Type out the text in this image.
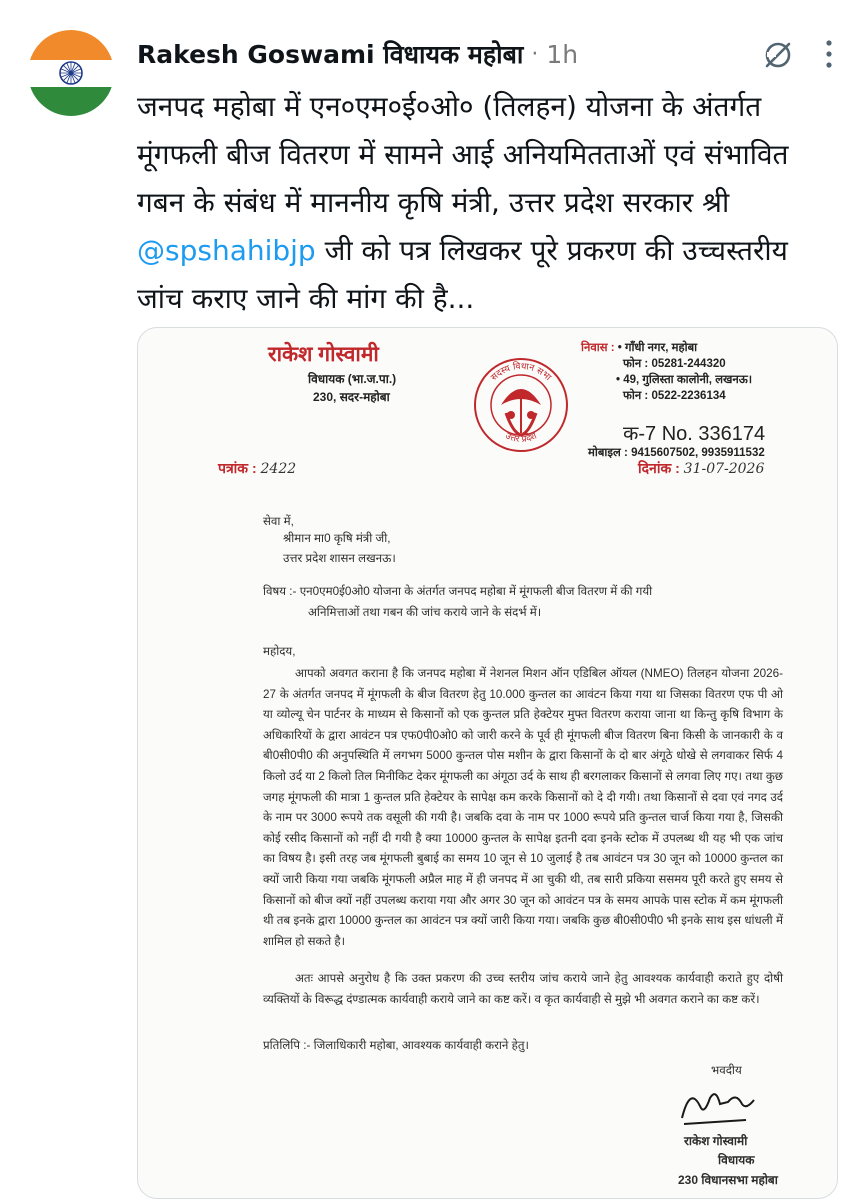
Rakesh Goswami विधायक महोबा · 1h
जनपद महोबा में एन०एम०ई०ओ० (तिलहन) योजना के अंतर्गत मूंगफली बीज वितरण में सामने आई अनियमितताओं एवं संभावित गबन के संबंध में माननीय कृषि मंत्री, उत्तर प्रदेश सरकार श्री @spshahibjp जी को पत्र लिखकर पूरे प्रकरण की उच्चस्तरीय जांच कराए जाने की मांग की है...
राकेश गोस्वामी
विधायक (भा.ज.पा.)
230, सदर-महोबा
सदस्य विधान सभा
उत्तर प्रदेश
निवास : • गाँधी नगर, महोबा
फोन : 05281-244320
• 49, गुलिस्ता कालोनी, लखनऊ।
फोन : 0522-2236134
क-7 No. 336174
मोबाइल : 9415607502, 9935911532
पत्रांक : 2422	दिनांक : 31-07-2026
सेवा में,
श्रीमान मा0 कृषि मंत्री जी,
उत्तर प्रदेश शासन लखनऊ।
विषय :- एन0एम0ई0ओ0 योजना के अंतर्गत जनपद महोबा में मूंगफली बीज वितरण में की गयी
अनिमित्ताओं तथा गबन की जांच कराये जाने के संदर्भ में।
महोदय,
आपको अवगत कराना है कि जनपद महोबा में नेशनल मिशन ऑन एडिबिल ऑयल (NMEO) तिलहन योजना 2026-27 के अंतर्गत जनपद में मूंगफली के बीज वितरण हेतु 10.000 कुन्तल का आवंटन किया गया था जिसका वितरण एफ पी ओ या व्योल्यू चेन पार्टनर के माध्यम से किसानों को एक कुन्तल प्रति हेक्टेयर मुफ्त वितरण कराया जाना था किन्तु कृषि विभाग के अधिकारियों के द्वारा आवंटन पत्र एफ0पी0ओ0 को जारी करने के पूर्व ही मूंगफली बीज वितरण बिना किसी के जानकारी के व बी0सी0पी0 की अनुपस्थिति में लगभग 5000 कुन्तल पोस मशीन के द्वारा किसानों के दो बार अंगूठे धोखे से लगवाकर सिर्फ 4 किलो उर्द या 2 किलो तिल मिनीकिट देकर मूंगफली का अंगूठा उर्द के साथ ही बरगलाकर किसानों से लगवा लिए गए। तथा कुछ जगह मूंगफली की मात्रा 1 कुन्तल प्रति हेक्टेयर के सापेक्ष कम करके किसानों को दे दी गयी। तथा किसानों से दवा एवं नगद उर्द के नाम पर 3000 रूपये तक वसूली की गयी है। जबकि दवा के नाम पर 1000 रूपये प्रति कुन्तल चार्ज किया गया है, जिसकी कोई रसीद किसानों को नहीं दी गयी है क्या 10000 कुन्तल के सापेक्ष इतनी दवा इनके स्टोक में उपलब्ध थी यह भी एक जांच का विषय है। इसी तरह जब मूंगफली बुबाई का समय 10 जून से 10 जुलाई है तब आवंटन पत्र 30 जून को 10000 कुन्तल का क्यों जारी किया गया जबकि मूंगफली अप्रैल माह में ही जनपद में आ चुकी थी, तब सारी प्रकिया ससमय पूरी करते हुए समय से किसानों को बीज क्यों नहीं उपलब्ध कराया गया और अगर 30 जून को आवंटन पत्र के समय आपके पास स्टोक में कम मूंगफली थी तब इनके द्वारा 10000 कुन्तल का आवंटन पत्र क्यों जारी किया गया। जबकि कुछ बी0सी0पी0 भी इनके साथ इस धांधली में शामिल हो सकते है।
अतः आपसे अनुरोध है कि उक्त प्रकरण की उच्च स्तरीय जांच कराये जाने हेतु आवश्यक कार्यवाही कराते हुए दोषी व्यक्तियों के विरूद्ध दंण्डात्मक कार्यवाही कराये जाने का कष्ट करें। व कृत कार्यवाही से मुझे भी अवगत कराने का कष्ट करें।
प्रतिलिपि :- जिलाधिकारी महोबा, आवश्यक कार्यवाही कराने हेतु।
भवदीय
राकेश गोस्वामी
विधायक
230 विधानसभा महोबा
